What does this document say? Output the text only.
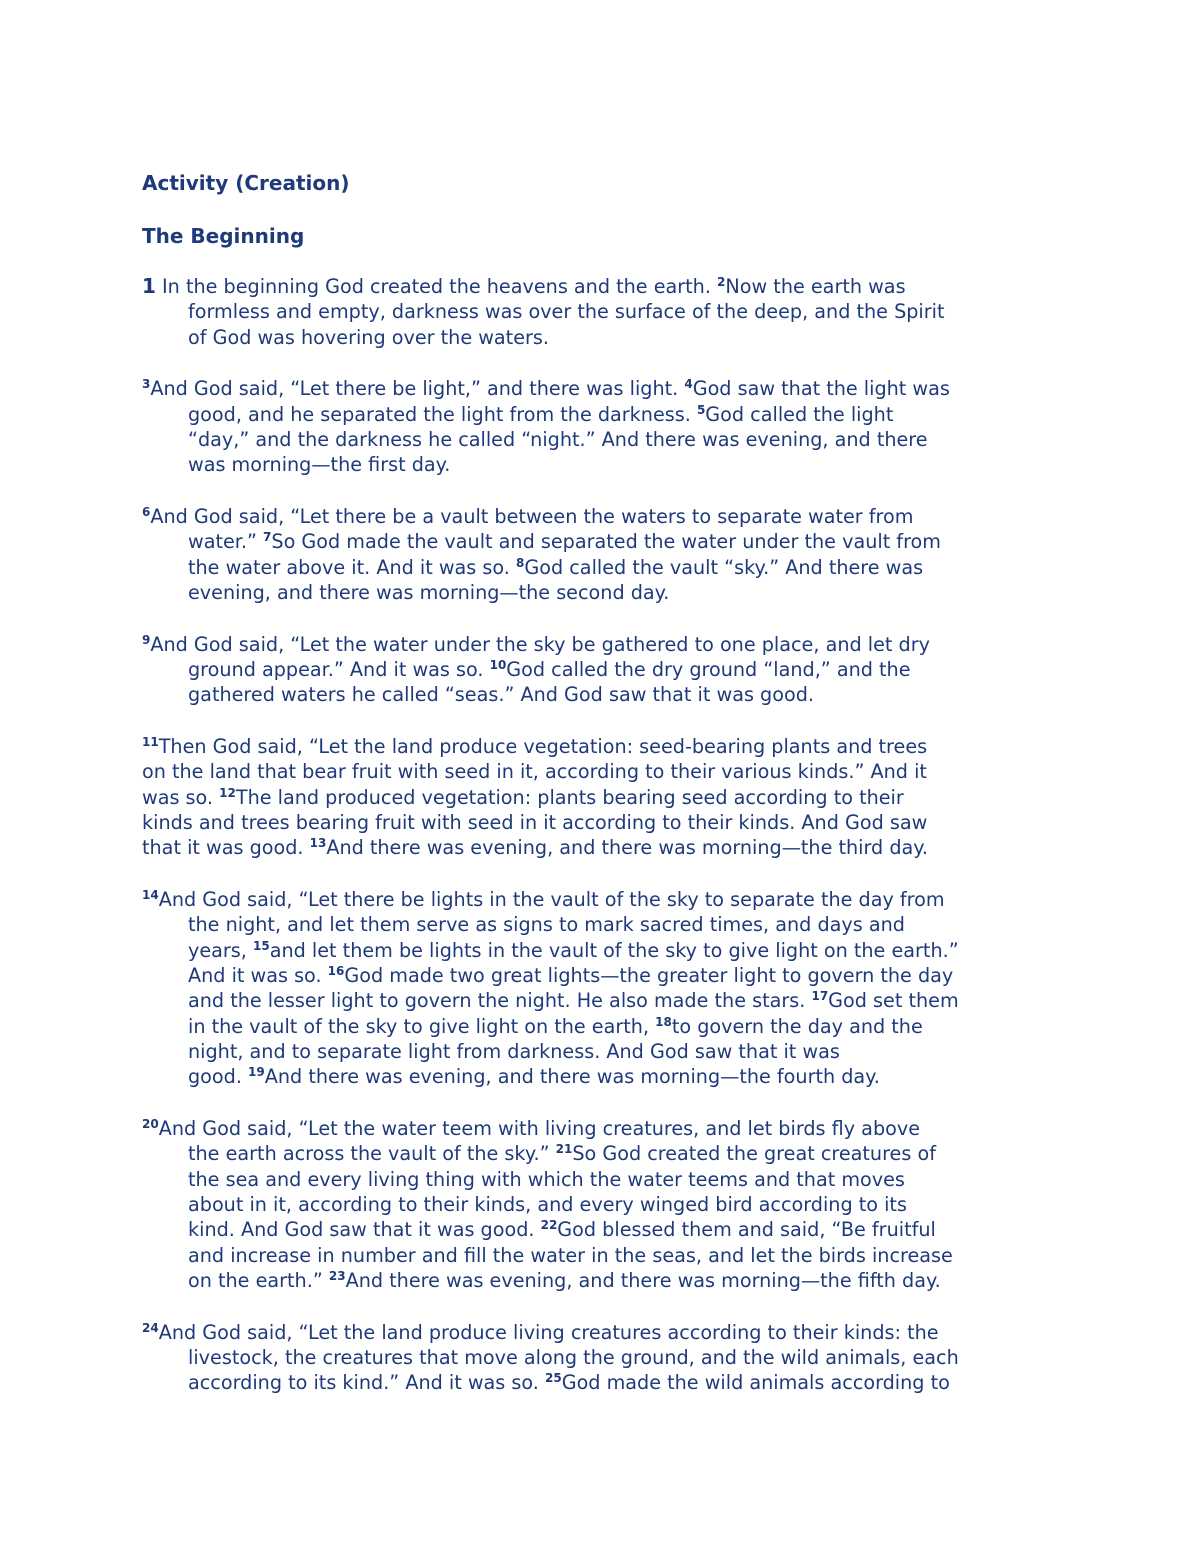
Activity (Creation)
The Beginning
1 In the beginning God created the heavens and the earth. $^2$Now the earth was
formless and empty, darkness was over the surface of the deep, and the Spirit
of God was hovering over the waters.
$^3$And God said, “Let there be light,” and there was light. $^4$God saw that the light was
good, and he separated the light from the darkness. $^5$God called the light
“day,” and the darkness he called “night.” And there was evening, and there
was morning—the first day.
$^6$And God said, “Let there be a vault between the waters to separate water from
water.” $^7$So God made the vault and separated the water under the vault from
the water above it. And it was so. $^8$God called the vault “sky.” And there was
evening, and there was morning—the second day.
$^9$And God said, “Let the water under the sky be gathered to one place, and let dry
ground appear.” And it was so. $^{10}$God called the dry ground “land,” and the
gathered waters he called “seas.” And God saw that it was good.
$^{11}$Then God said, “Let the land produce vegetation: seed-bearing plants and trees
on the land that bear fruit with seed in it, according to their various kinds.” And it
was so. $^{12}$The land produced vegetation: plants bearing seed according to their
kinds and trees bearing fruit with seed in it according to their kinds. And God saw
that it was good. $^{13}$And there was evening, and there was morning—the third day.
$^{14}$And God said, “Let there be lights in the vault of the sky to separate the day from
the night, and let them serve as signs to mark sacred times, and days and
years, $^{15}$and let them be lights in the vault of the sky to give light on the earth.”
And it was so. $^{16}$God made two great lights—the greater light to govern the day
and the lesser light to govern the night. He also made the stars. $^{17}$God set them
in the vault of the sky to give light on the earth, $^{18}$to govern the day and the
night, and to separate light from darkness. And God saw that it was
good. $^{19}$And there was evening, and there was morning—the fourth day.
$^{20}$And God said, “Let the water teem with living creatures, and let birds fly above
the earth across the vault of the sky.” $^{21}$So God created the great creatures of
the sea and every living thing with which the water teems and that moves
about in it, according to their kinds, and every winged bird according to its
kind. And God saw that it was good. $^{22}$God blessed them and said, “Be fruitful
and increase in number and fill the water in the seas, and let the birds increase
on the earth.” $^{23}$And there was evening, and there was morning—the fifth day.
$^{24}$And God said, “Let the land produce living creatures according to their kinds: the
livestock, the creatures that move along the ground, and the wild animals, each
according to its kind.” And it was so. $^{25}$God made the wild animals according to
